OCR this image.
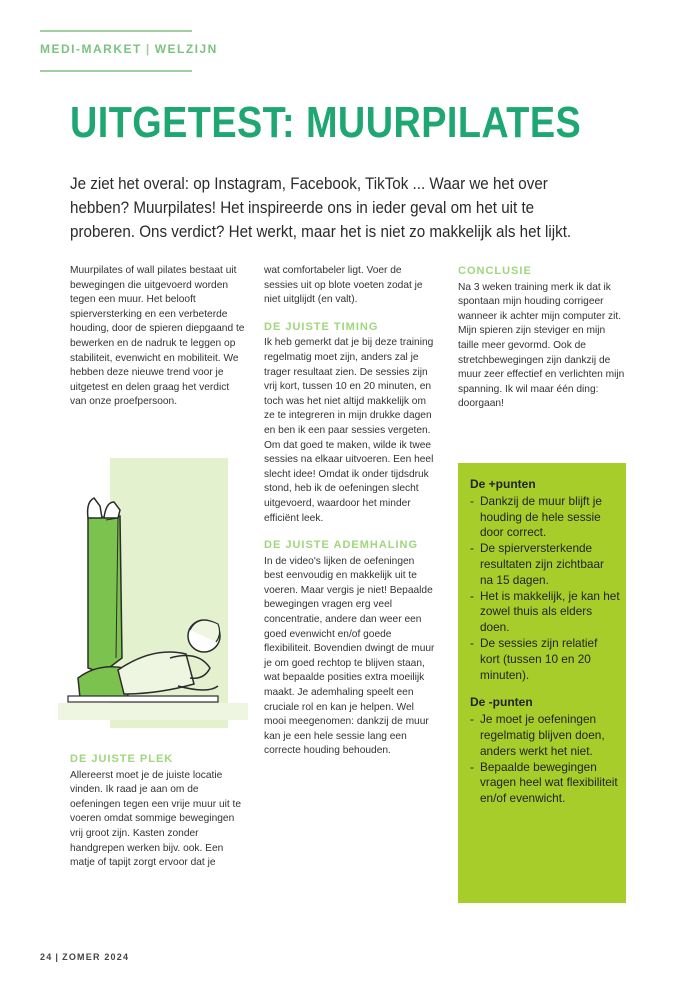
MEDI-MARKET | WELZIJN
UITGETEST: MUURPILATES

Je ziet het overal: op Instagram, Facebook, TikTok ... Waar we het over hebben? Muurpilates! Het inspireerde ons in ieder geval om het uit te proberen. Ons verdict? Het werkt, maar het is niet zo makkelijk als het lijkt.

Muurpilates of wall pilates bestaat uit bewegingen die uitgevoerd worden tegen een muur. Het belooft spierversterking en een verbeterde houding, door de spieren diepgaand te bewerken en de nadruk te leggen op stabiliteit, evenwicht en mobiliteit. We hebben deze nieuwe trend voor je uitgetest en delen graag het verdict van onze proefpersoon.

DE JUISTE PLEK

Allereerst moet je de juiste locatie vinden. Ik raad je aan om de oefeningen tegen een vrije muur uit te voeren omdat sommige bewegingen vrij groot zijn. Kasten zonder handgrepen werken bijv. ook. Een matje of tapijt zorgt ervoor dat je

wat comfortabeler ligt. Voer de sessies uit op blote voeten zodat je niet uitglijdt (en valt).

DE JUISTE TIMING

Ik heb gemerkt dat je bij deze training regelmatig moet zijn, anders zal je trager resultaat zien. De sessies zijn vrij kort, tussen 10 en 20 minuten, en toch was het niet altijd makkelijk om ze te integreren in mijn drukke dagen en ben ik een paar sessies vergeten. Om dat goed te maken, wilde ik twee sessies na elkaar uitvoeren. Een heel slecht idee! Omdat ik onder tijdsdruk stond, heb ik de oefeningen slecht uitgevoerd, waardoor het minder efficiënt leek.

DE JUISTE ADEMHALING

In de video's lijken de oefeningen best eenvoudig en makkelijk uit te voeren. Maar vergis je niet! Bepaalde bewegingen vragen erg veel concentratie, andere dan weer een goed evenwicht en/of goede flexibiliteit. Bovendien dwingt de muur je om goed rechtop te blijven staan, wat bepaalde posities extra moeilijk maakt. Je ademhaling speelt een cruciale rol en kan je helpen. Wel mooi meegenomen: dankzij de muur kan je een hele sessie lang een correcte houding behouden.

CONCLUSIE

Na 3 weken training merk ik dat ik spontaan mijn houding corrigeer wanneer ik achter mijn computer zit. Mijn spieren zijn steviger en mijn taille meer gevormd. Ook de stretchbewegingen zijn dankzij de muur zeer effectief en verlichten mijn spanning. Ik wil maar één ding: doorgaan!

De +punten
- Dankzij de muur blijft je houding de hele sessie door correct.
- De spierversterkende resultaten zijn zichtbaar na 15 dagen.
- Het is makkelijk, je kan het zowel thuis als elders doen.
- De sessies zijn relatief kort (tussen 10 en 20 minuten).
De -punten
- Je moet je oefeningen regelmatig blijven doen, anders werkt het niet.
- Bepaalde bewegingen vragen heel wat flexibiliteit en/of evenwicht.
24 | ZOMER 2024
